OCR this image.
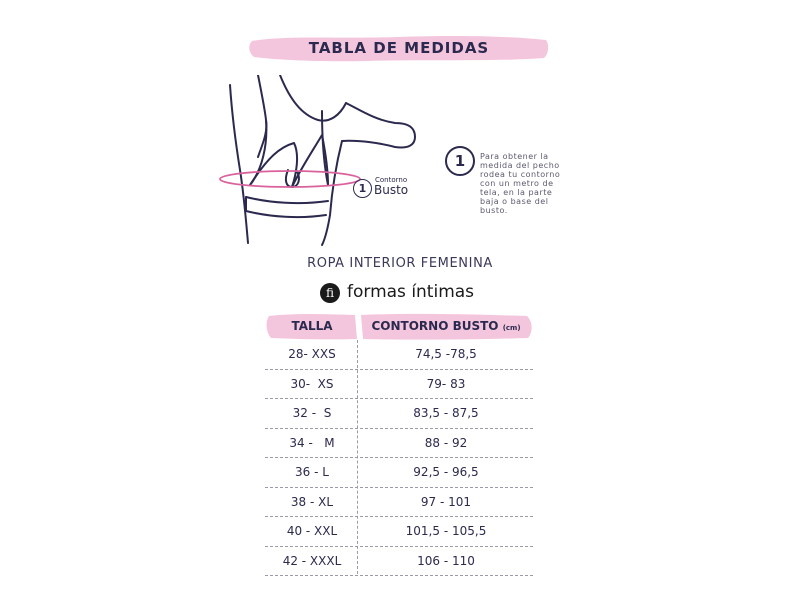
TABLA DE MEDIDAS
1
Contorno
Busto
1	Para obtener la medida del pecho rodea tu contorno con un metro de tela, en la parte baja o base del busto.
ROPA INTERIOR FEMENINA
fi formas íntimas
TALLA	CONTORNO BUSTO (cm)
28- XXS	74,5 -78,5
30-  XS	79- 83
32 -  S	83,5 - 87,5
34 -   M	88 - 92
36 - L	92,5 - 96,5
38 - XL	97 - 101
40 - XXL	101,5 - 105,5
42 - XXXL	106 - 110
